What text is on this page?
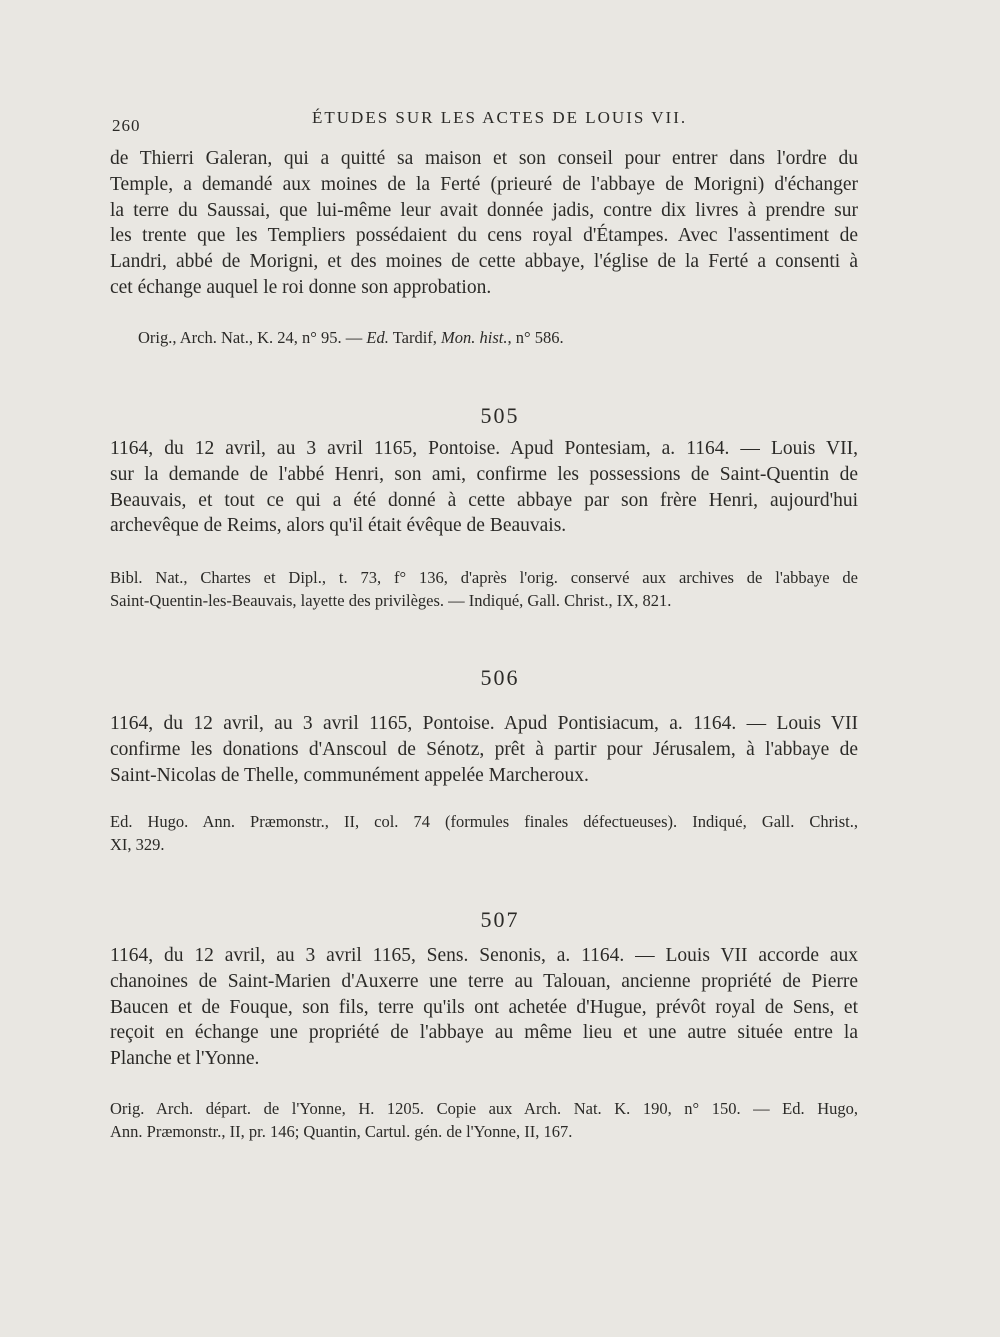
260	ÉTUDES SUR LES ACTES DE LOUIS VII.
de Thierri Galeran, qui a quitté sa maison et son conseil pour entrer dans l'ordre du
Temple, a demandé aux moines de la Ferté (prieuré de l'abbaye de Morigni) d'échanger
la terre du Saussai, que lui-même leur avait donnée jadis, contre dix livres à prendre sur
les trente que les Templiers possédaient du cens royal d'Étampes. Avec l'assentiment de
Landri, abbé de Morigni, et des moines de cette abbaye, l'église de la Ferté a consenti à
cet échange auquel le roi donne son approbation.
Orig., Arch. Nat., K. 24, n° 95. — Ed. Tardif, Mon. hist., n° 586.
505
1164, du 12 avril, au 3 avril 1165, Pontoise. Apud Pontesiam, a. 1164. — Louis VII,
sur la demande de l'abbé Henri, son ami, confirme les possessions de Saint-Quentin de
Beauvais, et tout ce qui a été donné à cette abbaye par son frère Henri, aujourd'hui
archevêque de Reims, alors qu'il était évêque de Beauvais.
Bibl. Nat., Chartes et Dipl., t. 73, f° 136, d'après l'orig. conservé aux archives de l'abbaye de
Saint-Quentin-les-Beauvais, layette des privilèges. — Indiqué, Gall. Christ., IX, 821.
506
1164, du 12 avril, au 3 avril 1165, Pontoise. Apud Pontisiacum, a. 1164. — Louis VII
confirme les donations d'Anscoul de Sénotz, prêt à partir pour Jérusalem, à l'abbaye de
Saint-Nicolas de Thelle, communément appelée Marcheroux.
Ed. Hugo. Ann. Præmonstr., II, col. 74 (formules finales défectueuses). Indiqué, Gall. Christ.,
XI, 329.
507
1164, du 12 avril, au 3 avril 1165, Sens. Senonis, a. 1164. — Louis VII accorde aux
chanoines de Saint-Marien d'Auxerre une terre au Talouan, ancienne propriété de Pierre
Baucen et de Fouque, son fils, terre qu'ils ont achetée d'Hugue, prévôt royal de Sens, et
reçoit en échange une propriété de l'abbaye au même lieu et une autre située entre la
Planche et l'Yonne.
Orig. Arch. départ. de l'Yonne, H. 1205. Copie aux Arch. Nat. K. 190, n° 150. — Ed. Hugo,
Ann. Præmonstr., II, pr. 146; Quantin, Cartul. gén. de l'Yonne, II, 167.
